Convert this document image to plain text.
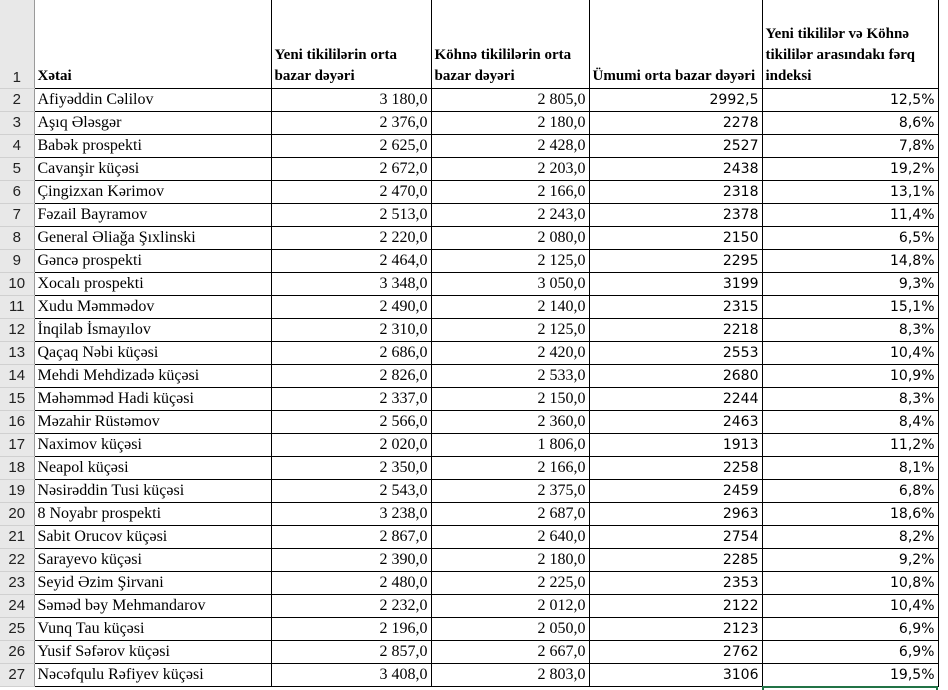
1	Xətai	Yeni tikililərin orta bazar dəyəri	Köhnə tikililərin orta bazar dəyəri	Ümumi orta bazar dəyəri	Yeni tikililər və Köhnə tikililər arasındakı fərq indeksi
2	Afiyəddin Cəlilov	3 180,0	2 805,0	2992,5	12,5%
3	Aşıq Ələsgər	2 376,0	2 180,0	2278	8,6%
4	Babək prospekti	2 625,0	2 428,0	2527	7,8%
5	Cavanşir küçəsi	2 672,0	2 203,0	2438	19,2%
6	Çingizxan Kərimov	2 470,0	2 166,0	2318	13,1%
7	Fəzail Bayramov	2 513,0	2 243,0	2378	11,4%
8	General Əliağa Şıxlinski	2 220,0	2 080,0	2150	6,5%
9	Gəncə prospekti	2 464,0	2 125,0	2295	14,8%
10	Xocalı prospekti	3 348,0	3 050,0	3199	9,3%
11	Xudu Məmmədov	2 490,0	2 140,0	2315	15,1%
12	İnqilab İsmayılov	2 310,0	2 125,0	2218	8,3%
13	Qaçaq Nəbi küçəsi	2 686,0	2 420,0	2553	10,4%
14	Mehdi Mehdizadə küçəsi	2 826,0	2 533,0	2680	10,9%
15	Məhəmməd Hadi küçəsi	2 337,0	2 150,0	2244	8,3%
16	Məzahir Rüstəmov	2 566,0	2 360,0	2463	8,4%
17	Naximov küçəsi	2 020,0	1 806,0	1913	11,2%
18	Neapol küçəsi	2 350,0	2 166,0	2258	8,1%
19	Nəsirəddin Tusi küçəsi	2 543,0	2 375,0	2459	6,8%
20	8 Noyabr prospekti	3 238,0	2 687,0	2963	18,6%
21	Sabit Orucov küçəsi	2 867,0	2 640,0	2754	8,2%
22	Sarayevo küçəsi	2 390,0	2 180,0	2285	9,2%
23	Seyid Əzim Şirvani	2 480,0	2 225,0	2353	10,8%
24	Səməd bəy Mehmandarov	2 232,0	2 012,0	2122	10,4%
25	Vunq Tau küçəsi	2 196,0	2 050,0	2123	6,9%
26	Yusif Səfərov küçəsi	2 857,0	2 667,0	2762	6,9%
27	Nəcəfqulu Rəfiyev küçəsi	3 408,0	2 803,0	3106	19,5%
